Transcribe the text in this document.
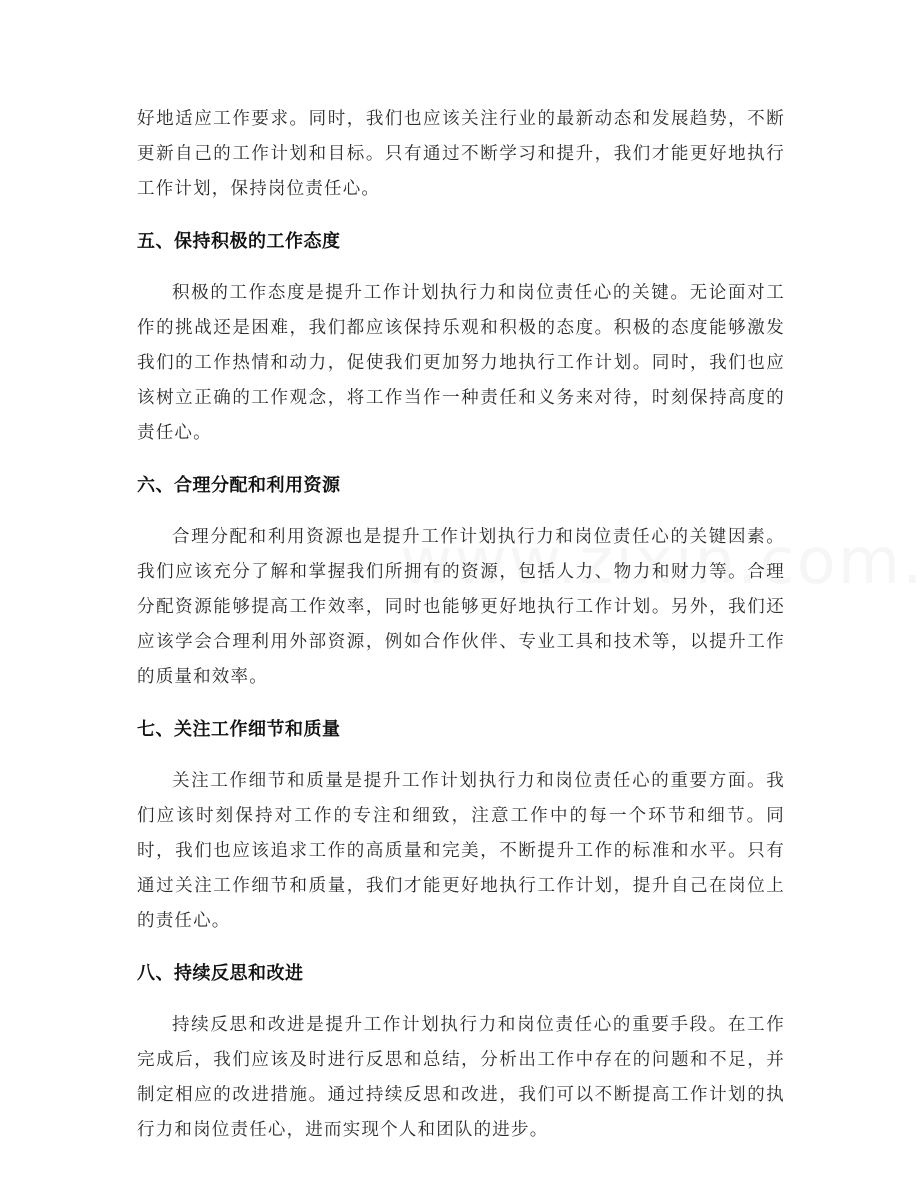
好地适应工作要求。同时，我们也应该关注行业的最新动态和发展趋势，不断更新自己的工作计划和目标。只有通过不断学习和提升，我们才能更好地执行工作计划，保持岗位责任心。

五、保持积极的工作态度

积极的工作态度是提升工作计划执行力和岗位责任心的关键。无论面对工作的挑战还是困难，我们都应该保持乐观和积极的态度。积极的态度能够激发我们的工作热情和动力，促使我们更加努力地执行工作计划。同时，我们也应该树立正确的工作观念，将工作当作一种责任和义务来对待，时刻保持高度的责任心。

六、合理分配和利用资源

合理分配和利用资源也是提升工作计划执行力和岗位责任心的关键因素。我们应该充分了解和掌握我们所拥有的资源，包括人力、物力和财力等。合理分配资源能够提高工作效率，同时也能够更好地执行工作计划。另外，我们还应该学会合理利用外部资源，例如合作伙伴、专业工具和技术等，以提升工作的质量和效率。

七、关注工作细节和质量

关注工作细节和质量是提升工作计划执行力和岗位责任心的重要方面。我们应该时刻保持对工作的专注和细致，注意工作中的每一个环节和细节。同时，我们也应该追求工作的高质量和完美，不断提升工作的标准和水平。只有通过关注工作细节和质量，我们才能更好地执行工作计划，提升自己在岗位上的责任心。

八、持续反思和改进

持续反思和改进是提升工作计划执行力和岗位责任心的重要手段。在工作完成后，我们应该及时进行反思和总结，分析出工作中存在的问题和不足，并制定相应的改进措施。通过持续反思和改进，我们可以不断提高工作计划的执行力和岗位责任心，进而实现个人和团队的进步。
